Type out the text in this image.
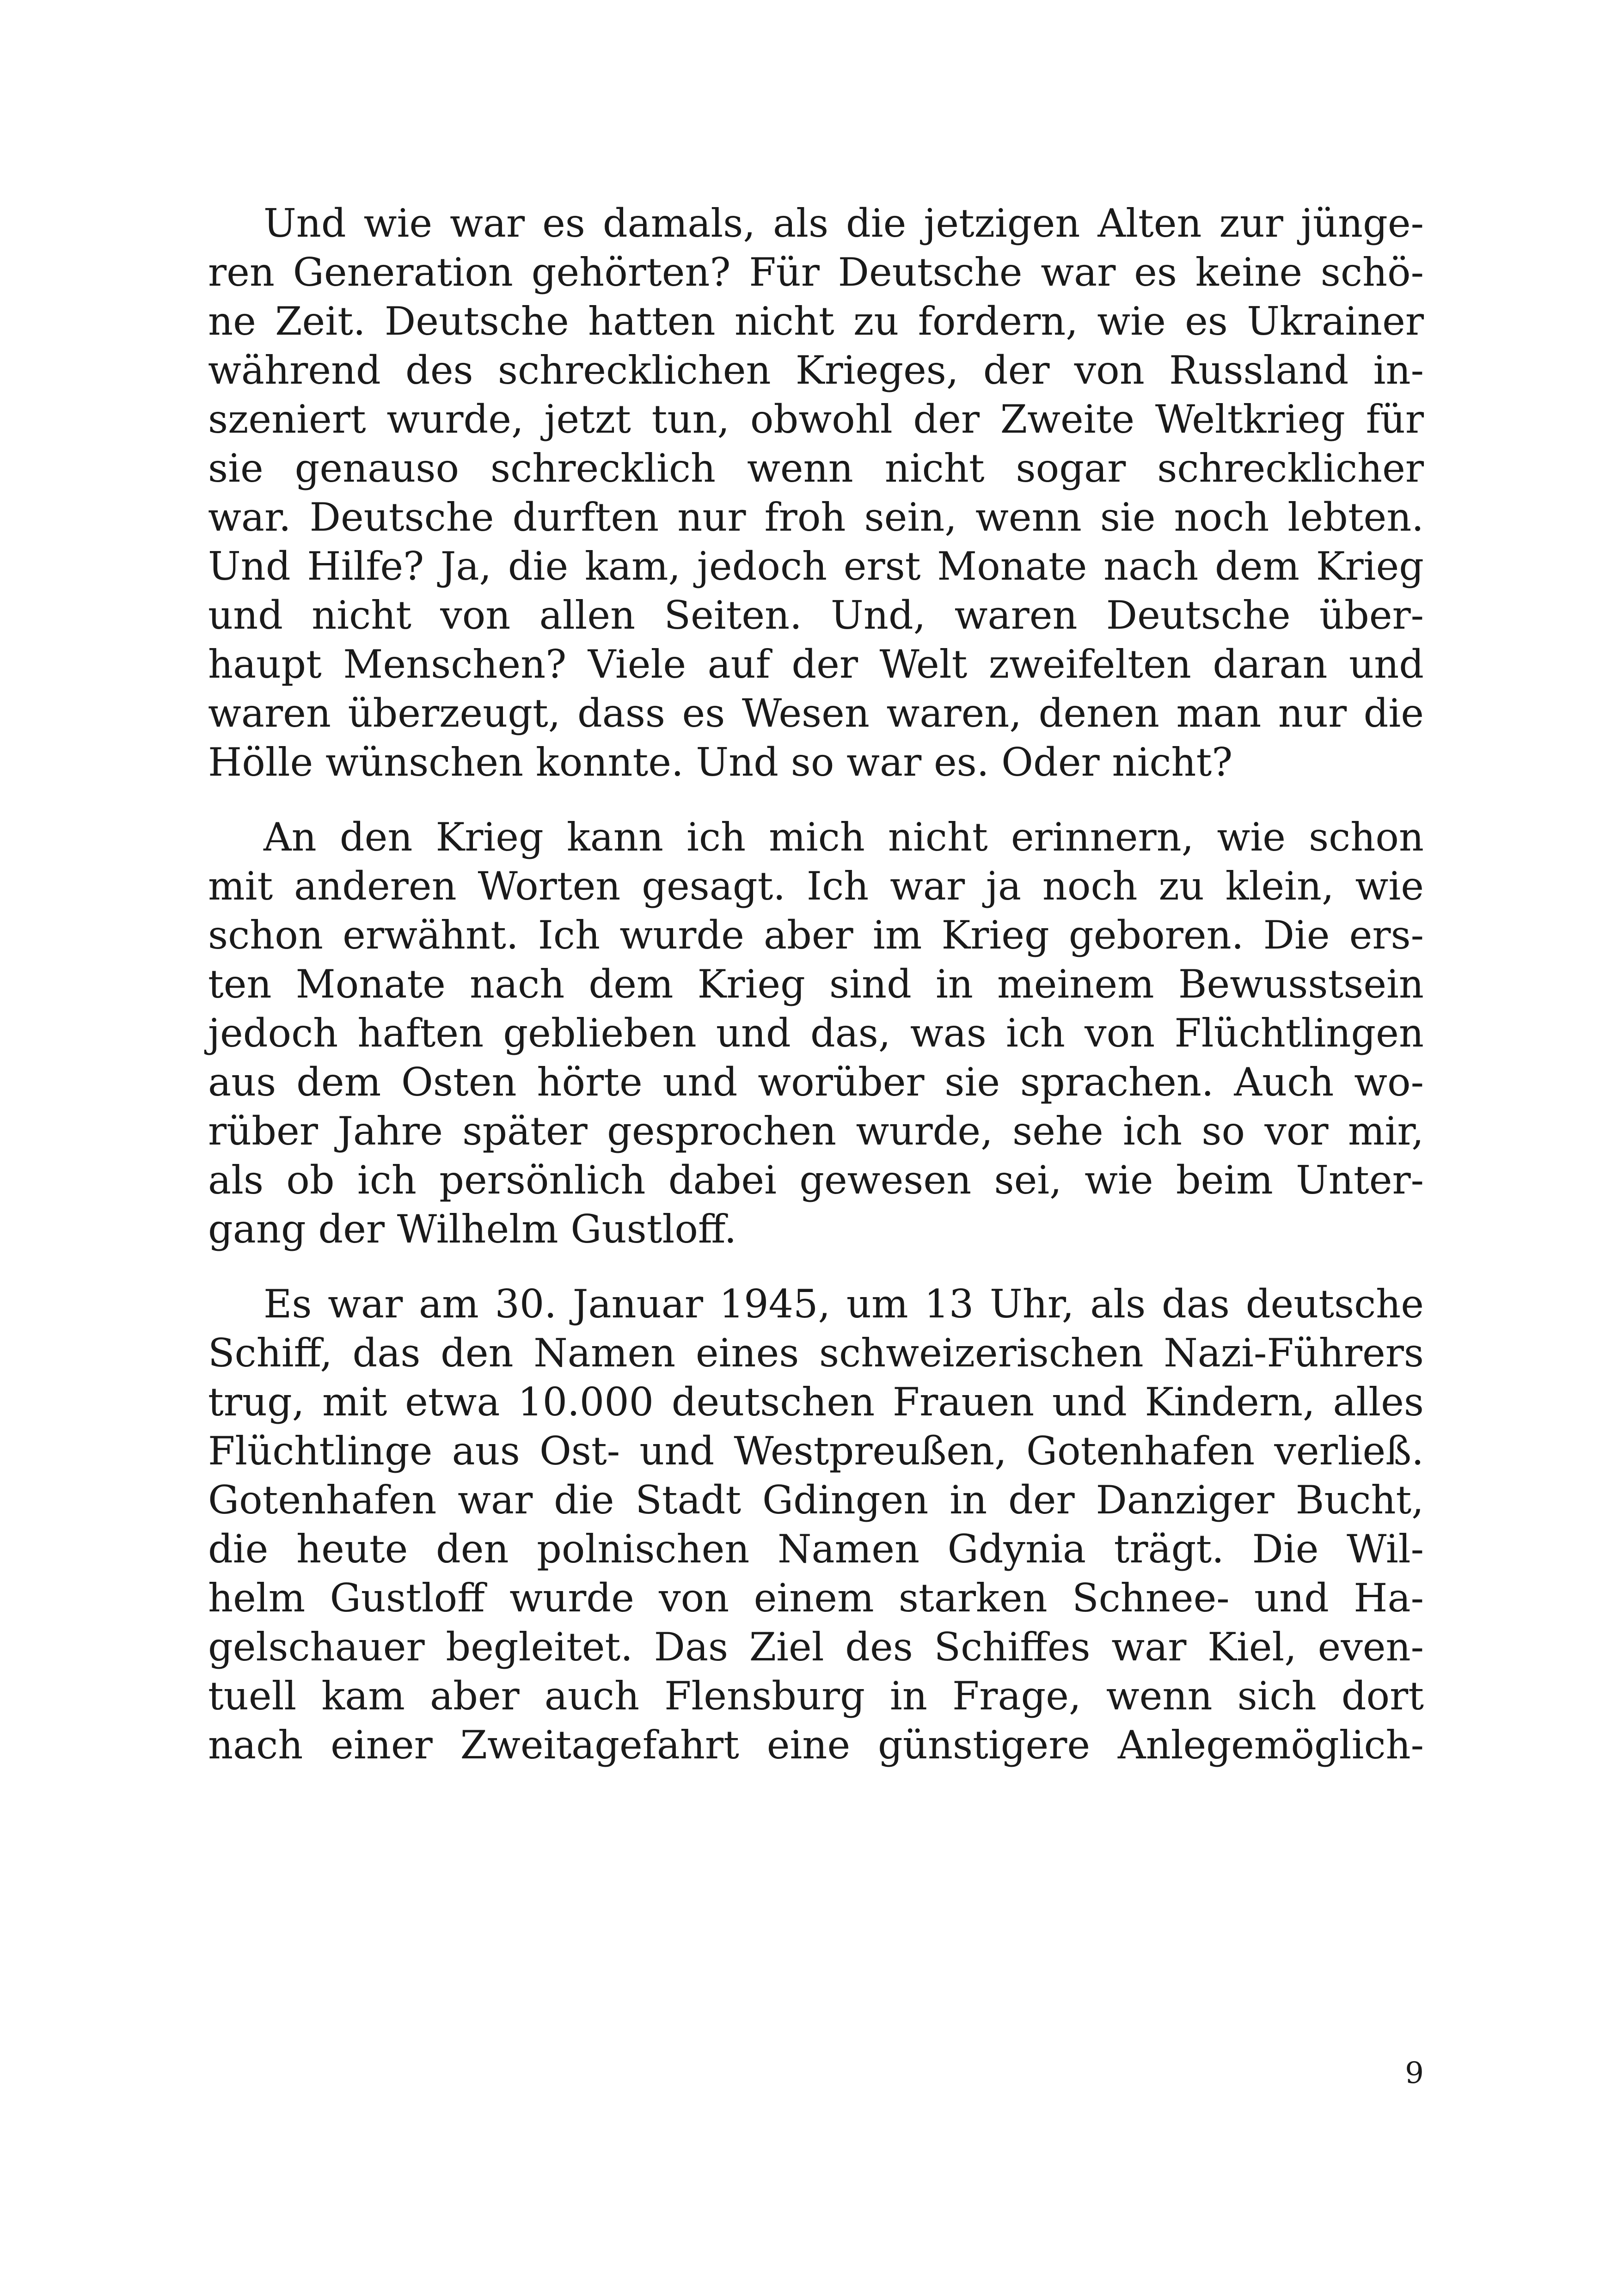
Und wie war es damals, als die jetzigen Alten zur jünge-
ren Generation gehörten? Für Deutsche war es keine schö-
ne Zeit. Deutsche hatten nicht zu fordern, wie es Ukrainer
während des schrecklichen Krieges, der von Russland in-
szeniert wurde, jetzt tun, obwohl der Zweite Weltkrieg für
sie genauso schrecklich wenn nicht sogar schrecklicher
war. Deutsche durften nur froh sein, wenn sie noch lebten.
Und Hilfe? Ja, die kam, jedoch erst Monate nach dem Krieg
und nicht von allen Seiten. Und, waren Deutsche über-
haupt Menschen? Viele auf der Welt zweifelten daran und
waren überzeugt, dass es Wesen waren, denen man nur die
Hölle wünschen konnte. Und so war es. Oder nicht?
An den Krieg kann ich mich nicht erinnern, wie schon
mit anderen Worten gesagt. Ich war ja noch zu klein, wie
schon erwähnt. Ich wurde aber im Krieg geboren. Die ers-
ten Monate nach dem Krieg sind in meinem Bewusstsein
jedoch haften geblieben und das, was ich von Flüchtlingen
aus dem Osten hörte und worüber sie sprachen. Auch wo-
rüber Jahre später gesprochen wurde, sehe ich so vor mir,
als ob ich persönlich dabei gewesen sei, wie beim Unter-
gang der Wilhelm Gustloff.
Es war am 30. Januar 1945, um 13 Uhr, als das deutsche
Schiff, das den Namen eines schweizerischen Nazi-Führers
trug, mit etwa 10.000 deutschen Frauen und Kindern, alles
Flüchtlinge aus Ost- und Westpreußen, Gotenhafen verließ.
Gotenhafen war die Stadt Gdingen in der Danziger Bucht,
die heute den polnischen Namen Gdynia trägt. Die Wil-
helm Gustloff wurde von einem starken Schnee- und Ha-
gelschauer begleitet. Das Ziel des Schiffes war Kiel, even-
tuell kam aber auch Flensburg in Frage, wenn sich dort
nach einer Zweitagefahrt eine günstigere Anlegemöglich-
9
